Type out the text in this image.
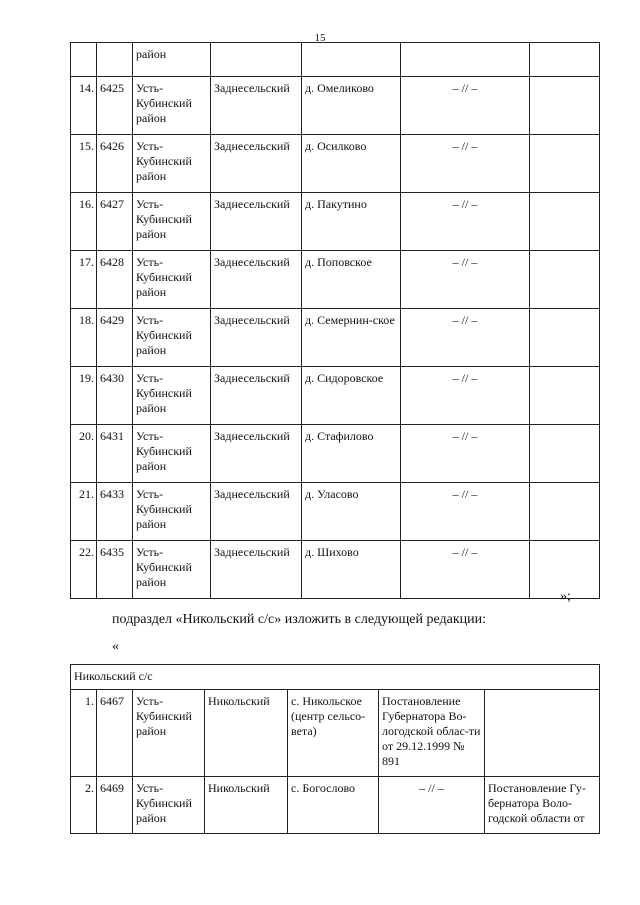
15
		район				
14.	6425	Усть-Кубинский район	Заднесельский	д. Омеликово	– // –	
15.	6426	Усть-Кубинский район	Заднесельский	д. Осилково	– // –	
16.	6427	Усть-Кубинский район	Заднесельский	д. Пакутино	– // –	
17.	6428	Усть-Кубинский район	Заднесельский	д. Поповское	– // –	
18.	6429	Усть-Кубинский район	Заднесельский	д. Семернин-ское	– // –	
19.	6430	Усть-Кубинский район	Заднесельский	д. Сидоровское	– // –	
20.	6431	Усть-Кубинский район	Заднесельский	д. Стафилово	– // –	
21.	6433	Усть-Кубинский район	Заднесельский	д. Уласово	– // –	
22.	6435	Усть-Кубинский район	Заднесельский	д. Шихово	– // –	
»;
подраздел «Никольский с/с» изложить в следующей редакции:
«
Никольский с/с						
1.	6467	Усть-Кубинский район	Никольский	с. Никольское (центр сельсо-вета)	Постановление Губернатора Во-логодской облас-ти от 29.12.1999 № 891	
2.	6469	Усть-Кубинский район	Никольский	с. Богослово	– // –	Постановление Гу-бернатора Воло-годской области от
